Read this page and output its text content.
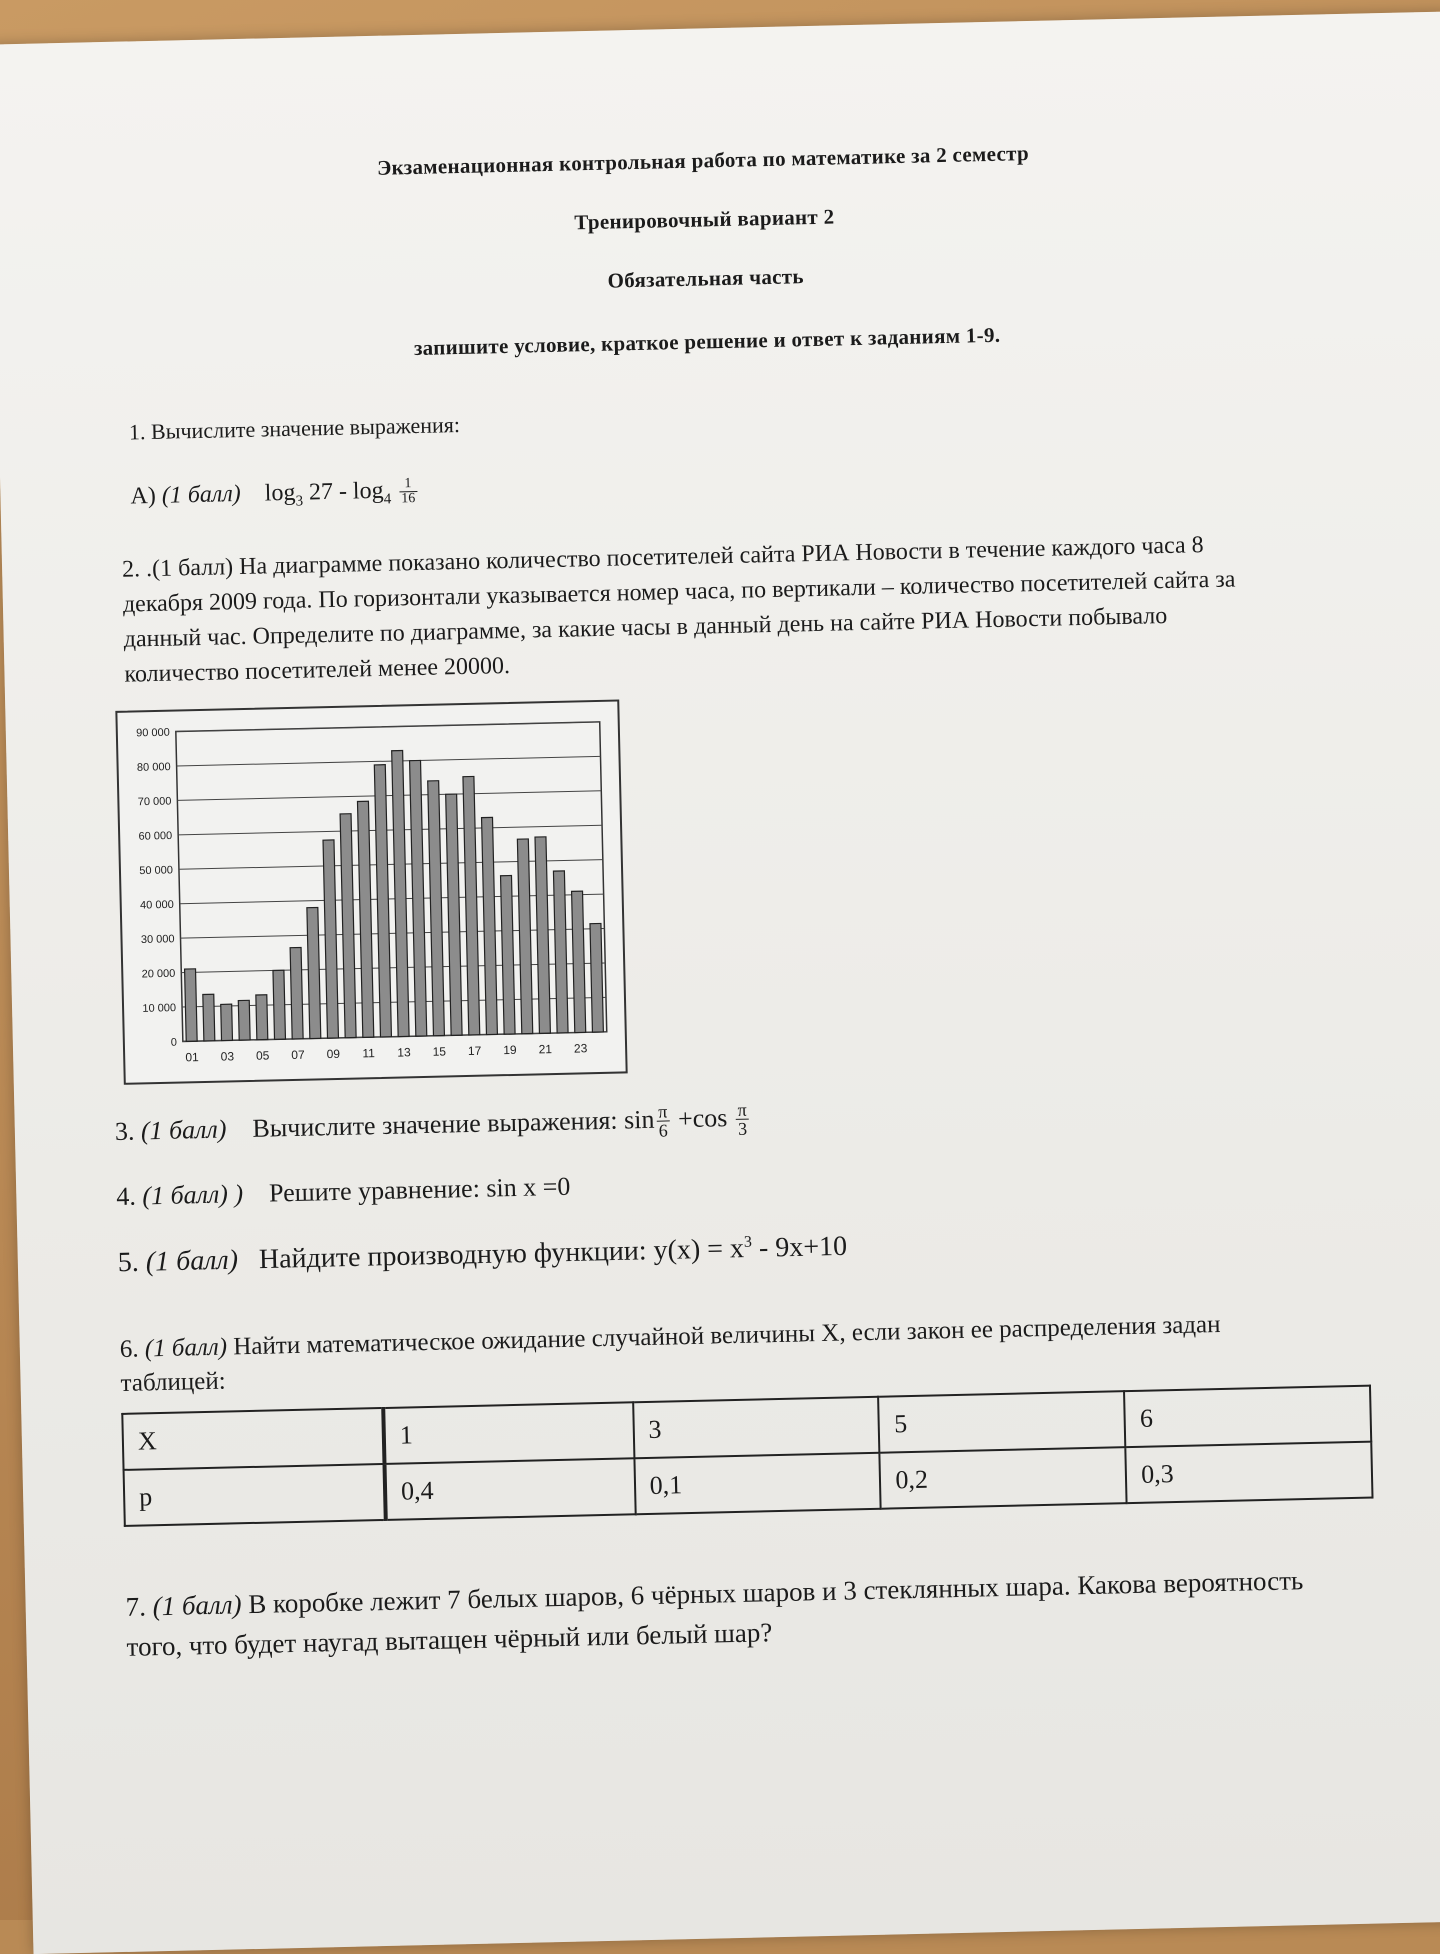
Экзаменационная контрольная работа по математике за 2 семестр

Тренировочный вариант 2

Обязательная часть

запишите условие, краткое решение и ответ к заданиям 1-9.

1. Вычислите значение выражения:
А) (1 балл) $\log_3 27 - \log_4 \frac{1}{16}$
2. .(1 балл) На диаграмме показано количество посетителей сайта РИА Новости в течение каждого часа 8 декабря 2009 года. По горизонтали указывается номер часа, по вертикали – количество посетителей сайта за данный час. Определите по диаграмме, за какие часы в данный день на сайте РИА Новости побывало количество посетителей менее 20000.
0
10 000
20 000
30 000
40 000
50 000
60 000
70 000
80 000
90 000
01 03 05 07 09 11 13 15 17 19 21 23
3. (1 балл) Вычислите значение выражения: $\sin \frac{\pi}{6} +\cos \frac{\pi}{3}$
4. (1 балл) ) Решите уравнение: sin x =0
5. (1 балл) Найдите производную функции: $y(x) = x^3 - 9x+10$
6. (1 балл) Найти математическое ожидание случайной величины X, если закон ее распределения задан таблицей:
X	1	3	5	6
p	0,4	0,1	0,2	0,3
7. (1 балл) В коробке лежит 7 белых шаров, 6 чёрных шаров и 3 стеклянных шара. Какова вероятность того, что будет наугад вытащен чёрный или белый шар?
